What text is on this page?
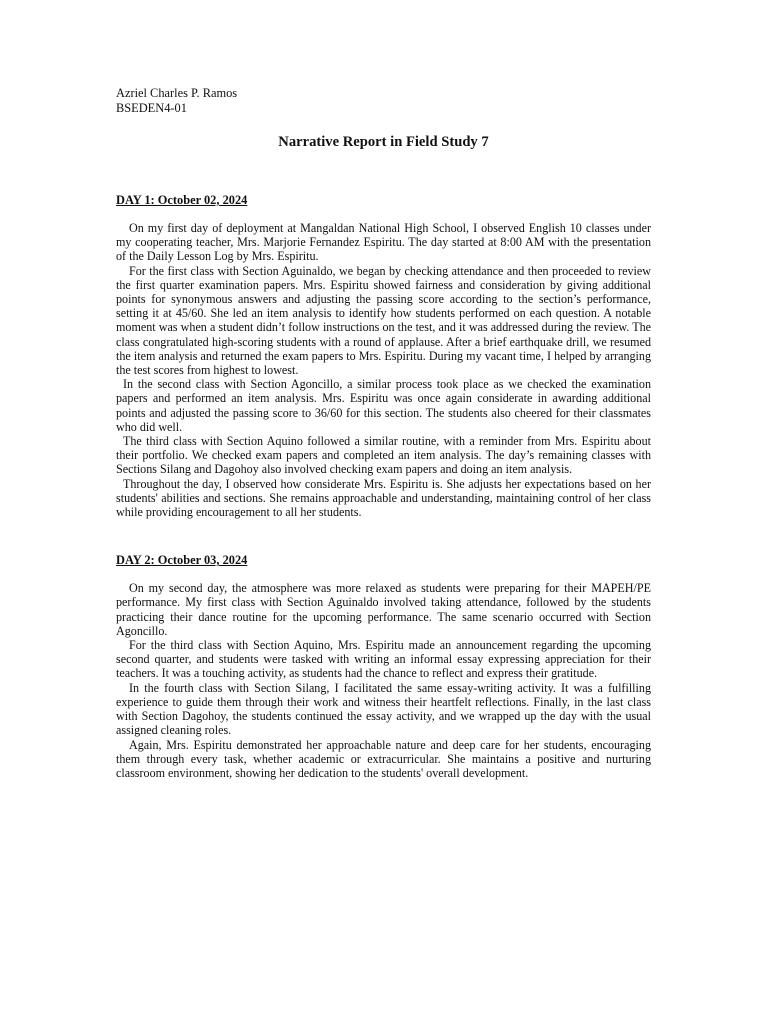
Azriel Charles P. Ramos

BSEDEN4-01

Narrative Report in Field Study 7
DAY 1: October 02, 2024

On my first day of deployment at Mangaldan National High School, I observed English 10 classes under my cooperating teacher, Mrs. Marjorie Fernandez Espiritu. The day started at 8:00 AM with the presentation of the Daily Lesson Log by Mrs. Espiritu.

For the first class with Section Aguinaldo, we began by checking attendance and then proceeded to review the first quarter examination papers. Mrs. Espiritu showed fairness and consideration by giving additional points for synonymous answers and adjusting the passing score according to the section’s performance, setting it at 45/60. She led an item analysis to identify how students performed on each question. A notable moment was when a student didn’t follow instructions on the test, and it was addressed during the review. The class congratulated high-scoring students with a round of applause. After a brief earthquake drill, we resumed the item analysis and returned the exam papers to Mrs. Espiritu. During my vacant time, I helped by arranging the test scores from highest to lowest.

In the second class with Section Agoncillo, a similar process took place as we checked the examination papers and performed an item analysis. Mrs. Espiritu was once again considerate in awarding additional points and adjusted the passing score to 36/60 for this section. The students also cheered for their classmates who did well.

The third class with Section Aquino followed a similar routine, with a reminder from Mrs. Espiritu about their portfolio. We checked exam papers and completed an item analysis. The day’s remaining classes with Sections Silang and Dagohoy also involved checking exam papers and doing an item analysis.

Throughout the day, I observed how considerate Mrs. Espiritu is. She adjusts her expectations based on her students' abilities and sections. She remains approachable and understanding, maintaining control of her class while providing encouragement to all her students.

DAY 2: October 03, 2024

On my second day, the atmosphere was more relaxed as students were preparing for their MAPEH/PE performance. My first class with Section Aguinaldo involved taking attendance, followed by the students practicing their dance routine for the upcoming performance. The same scenario occurred with Section Agoncillo.

For the third class with Section Aquino, Mrs. Espiritu made an announcement regarding the upcoming second quarter, and students were tasked with writing an informal essay expressing appreciation for their teachers. It was a touching activity, as students had the chance to reflect and express their gratitude.

In the fourth class with Section Silang, I facilitated the same essay-writing activity. It was a fulfilling experience to guide them through their work and witness their heartfelt reflections. Finally, in the last class with Section Dagohoy, the students continued the essay activity, and we wrapped up the day with the usual assigned cleaning roles.

Again, Mrs. Espiritu demonstrated her approachable nature and deep care for her students, encouraging them through every task, whether academic or extracurricular. She maintains a positive and nurturing classroom environment, showing her dedication to the students' overall development.
